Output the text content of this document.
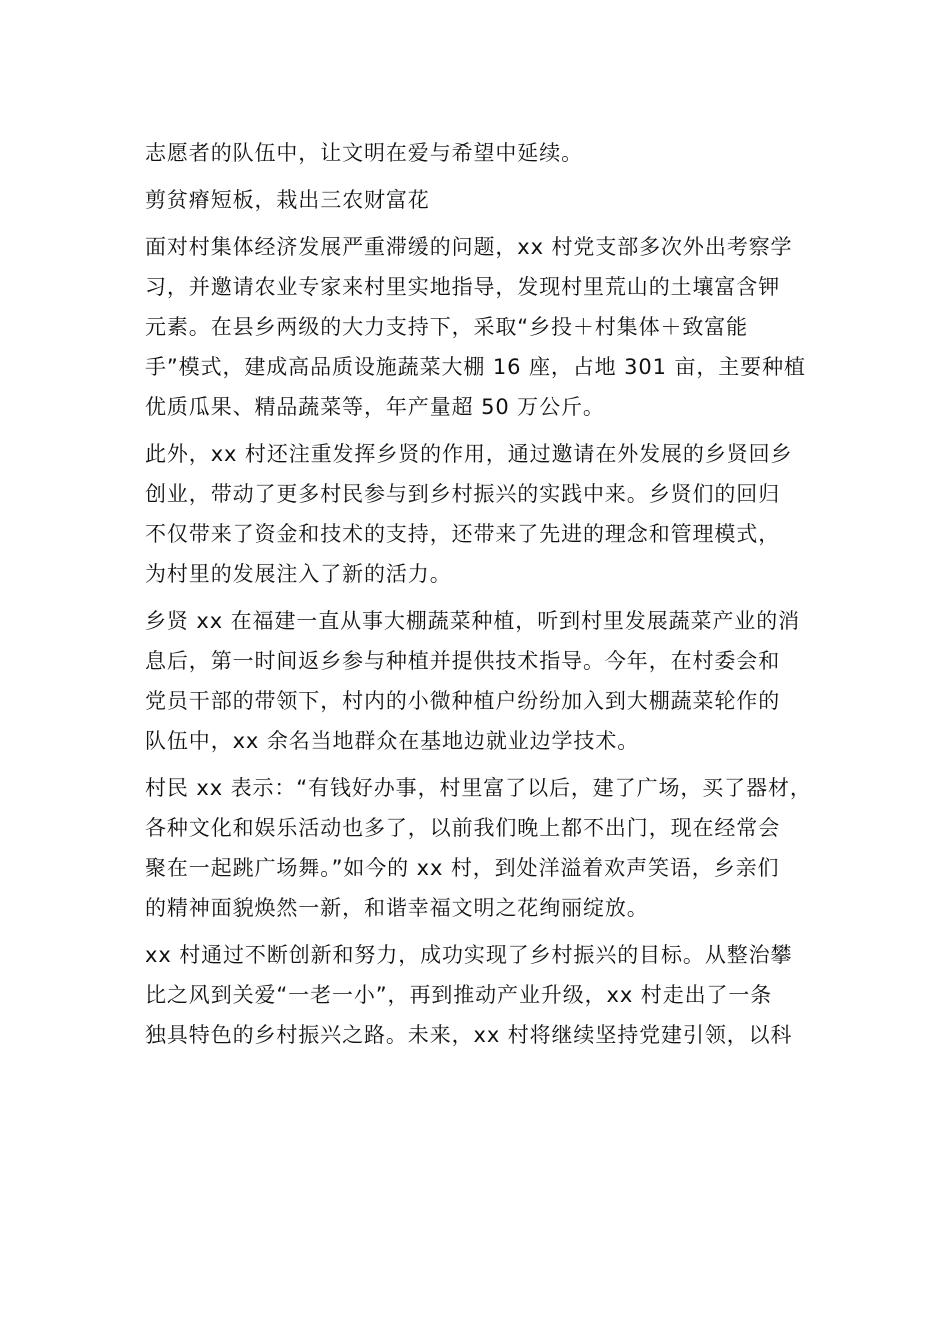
志愿者的队伍中，让文明在爱与希望中延续。
剪贫瘠短板，栽出三农财富花
面对村集体经济发展严重滞缓的问题，xx 村党支部多次外出考察学
习，并邀请农业专家来村里实地指导，发现村里荒山的土壤富含钾
元素。在县乡两级的大力支持下，采取“乡投＋村集体＋致富能
手”模式，建成高品质设施蔬菜大棚 16 座，占地 301 亩，主要种植
优质瓜果、精品蔬菜等，年产量超 50 万公斤。
此外，xx 村还注重发挥乡贤的作用，通过邀请在外发展的乡贤回乡
创业，带动了更多村民参与到乡村振兴的实践中来。乡贤们的回归
不仅带来了资金和技术的支持，还带来了先进的理念和管理模式，
为村里的发展注入了新的活力。
乡贤 xx 在福建一直从事大棚蔬菜种植，听到村里发展蔬菜产业的消
息后，第一时间返乡参与种植并提供技术指导。今年，在村委会和
党员干部的带领下，村内的小微种植户纷纷加入到大棚蔬菜轮作的
队伍中，xx 余名当地群众在基地边就业边学技术。
村民 xx 表示：“有钱好办事，村里富了以后，建了广场，买了器材，
各种文化和娱乐活动也多了，以前我们晚上都不出门，现在经常会
聚在一起跳广场舞。”如今的 xx 村，到处洋溢着欢声笑语，乡亲们
的精神面貌焕然一新，和谐幸福文明之花绚丽绽放。
xx 村通过不断创新和努力，成功实现了乡村振兴的目标。从整治攀
比之风到关爱“一老一小”，再到推动产业升级，xx 村走出了一条
独具特色的乡村振兴之路。未来，xx 村将继续坚持党建引领，以科
